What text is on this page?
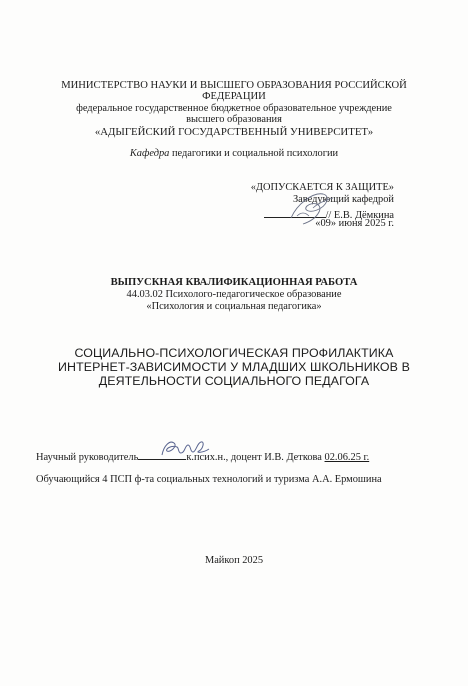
МИНИСТЕРСТВО НАУКИ И ВЫСШЕГО ОБРАЗОВАНИЯ РОССИЙСКОЙ
ФЕДЕРАЦИИ
федеральное государственное бюджетное образовательное учреждение
высшего образования
«АДЫГЕЙСКИЙ ГОСУДАРСТВЕННЫЙ УНИВЕРСИТЕТ»
Кафедра педагогики и социальной психологии
«ДОПУСКАЕТСЯ К ЗАЩИТЕ»
Заведующий кафедрой
// Е.В. Дёмкина
«09» июня 2025 г.
ВЫПУСКНАЯ КВАЛИФИКАЦИОННАЯ РАБОТА
44.03.02 Психолого-педагогическое образование
«Психология и социальная педагогика»
СОЦИАЛЬНО-ПСИХОЛОГИЧЕСКАЯ ПРОФИЛАКТИКА
ИНТЕРНЕТ-ЗАВИСИМОСТИ У МЛАДШИХ ШКОЛЬНИКОВ В
ДЕЯТЕЛЬНОСТИ СОЦИАЛЬНОГО ПЕДАГОГА
Научный руководитель	к.псих.н., доцент И.В. Деткова 02.06.25 г.
Обучающийся 4 ПСП ф-та социальных технологий и туризма А.А. Ермошина
Майкоп 2025
